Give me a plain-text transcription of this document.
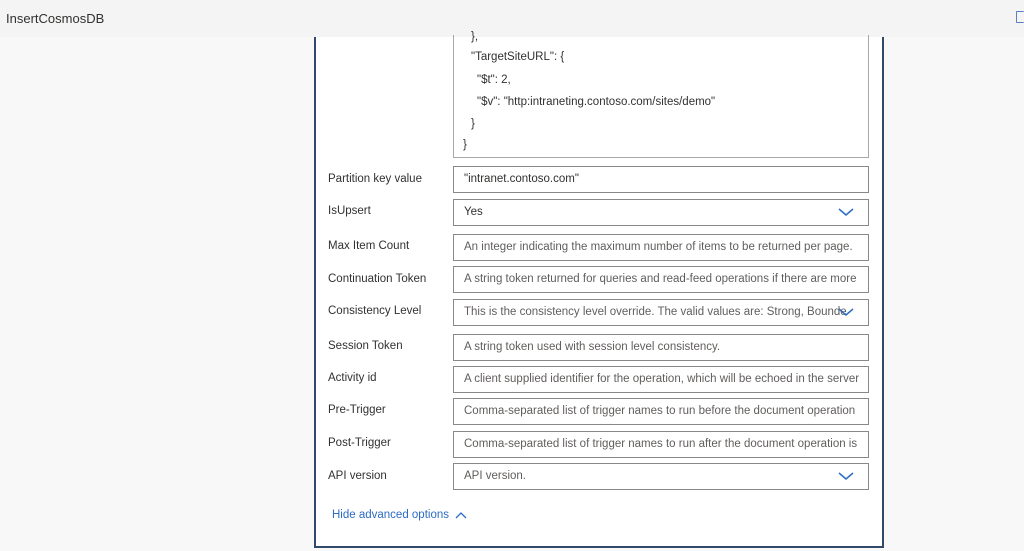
InsertCosmosDB
},
"TargetSiteURL": {
"$t": 2,
"$v": "http:intraneting.contoso.com/sites/demo"
}
}
Partition key value	"intranet.contoso.com"
IsUpsert	Yes
Max Item Count	An integer indicating the maximum number of items to be returned per page.
Continuation Token	A string token returned for queries and read-feed operations if there are more
Consistency Level	This is the consistency level override. The valid values are: Strong, Bounde
Session Token	A string token used with session level consistency.
Activity id	A client supplied identifier for the operation, which will be echoed in the server
Pre-Trigger	Comma-separated list of trigger names to run before the document operation
Post-Trigger	Comma-separated list of trigger names to run after the document operation is
API version	API version.
Hide advanced options
